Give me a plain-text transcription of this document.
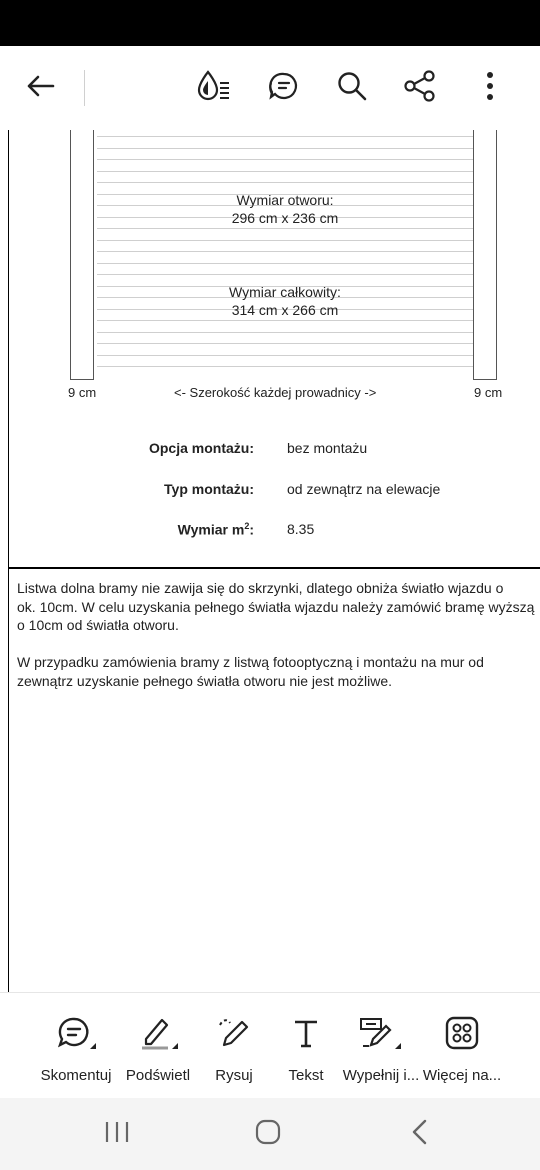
Wymiar otworu:
296 cm x 236 cm
Wymiar całkowity:
314 cm x 266 cm
9 cm	<- Szerokość każdej prowadnicy ->	9 cm
Opcja montażu: bez montażu
Typ montażu: od zewnątrz na elewacje
Wymiar $m^2$: 8.35
Listwa dolna bramy nie zawija się do skrzynki, dlatego obniża światło wjazdu o
ok. 10cm. W celu uzyskania pełnego światła wjazdu należy zamówić bramę wyższą
o 10cm od światła otworu.
W przypadku zamówienia bramy z listwą fotooptyczną i montażu na mur od
zewnątrz uzyskanie pełnego światła otworu nie jest możliwe.
Skomentuj Podświetl	Rysuj	Tekst	Wypełnij i... Więcej na...
